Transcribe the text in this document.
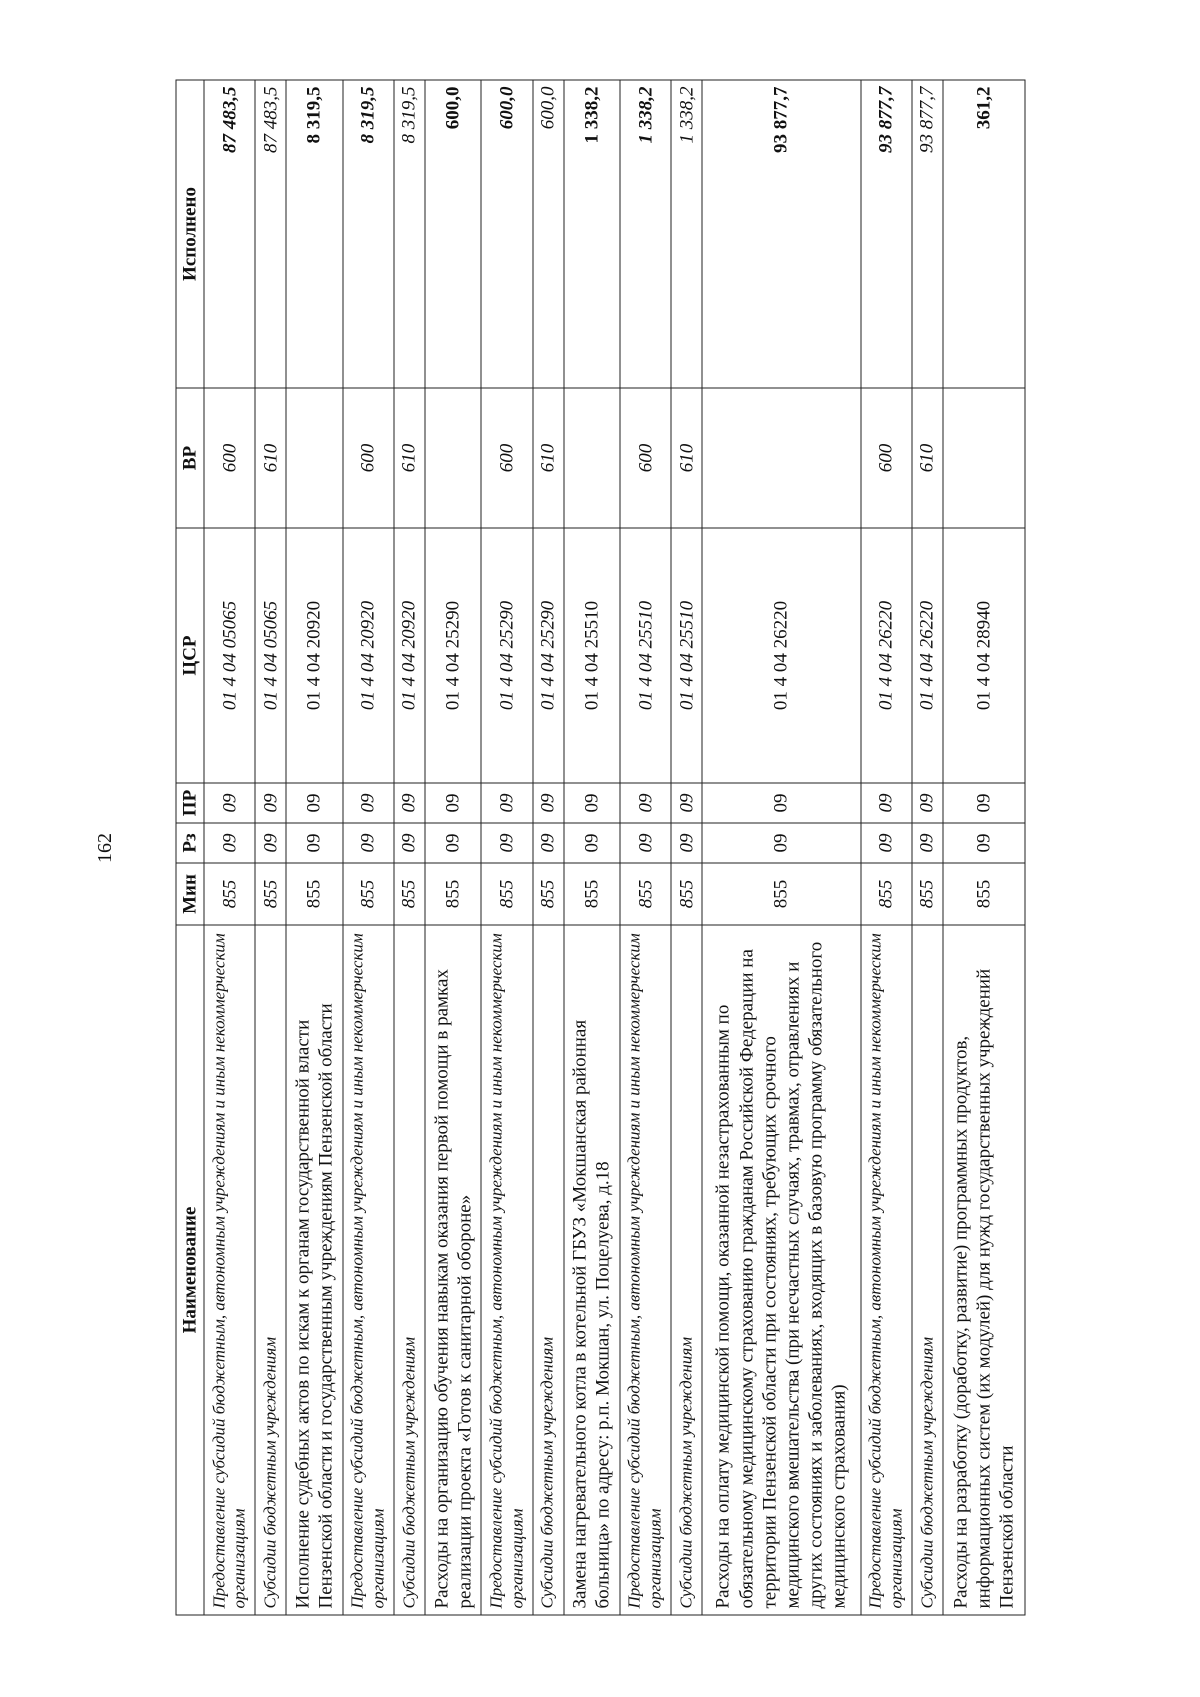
162
Наименование	Мин	Рз	ПР	ЦСР	ВР	Исполнено
Предоставление субсидий бюджетным, автономным учреждениям и иным некоммерческим организациям	855	09	09	01 4 04 05065	600	87 483,5
Субсидии бюджетным учреждениям	855	09	09	01 4 04 05065	610	87 483,5
Исполнение судебных актов по искам к органам государственной власти Пензенской области и государственным учреждениям Пензенской области	855	09	09	01 4 04 20920		8 319,5
Предоставление субсидий бюджетным, автономным учреждениям и иным некоммерческим организациям	855	09	09	01 4 04 20920	600	8 319,5
Субсидии бюджетным учреждениям	855	09	09	01 4 04 20920	610	8 319,5
Расходы на организацию обучения навыкам оказания первой помощи в рамках реализации проекта «Готов к санитарной обороне»	855	09	09	01 4 04 25290		600,0
Предоставление субсидий бюджетным, автономным учреждениям и иным некоммерческим организациям	855	09	09	01 4 04 25290	600	600,0
Субсидии бюджетным учреждениям	855	09	09	01 4 04 25290	610	600,0
Замена нагревательного котла в котельной ГБУЗ «Мокшанская районная больница» по адресу: р.п. Мокшан, ул. Поцелуева, д.18	855	09	09	01 4 04 25510		1 338,2
Предоставление субсидий бюджетным, автономным учреждениям и иным некоммерческим организациям	855	09	09	01 4 04 25510	600	1 338,2
Субсидии бюджетным учреждениям	855	09	09	01 4 04 25510	610	1 338,2
Расходы на оплату медицинской помощи, оказанной незастрахованным по обязательному медицинскому страхованию гражданам Российской Федерации на территории Пензенской области при состояниях, требующих срочного медицинского вмешательства (при несчастных случаях, травмах, отравлениях и других состояниях и заболеваниях, входящих в базовую программу обязательного медицинского страхования)	855	09	09	01 4 04 26220		93 877,7
Предоставление субсидий бюджетным, автономным учреждениям и иным некоммерческим организациям	855	09	09	01 4 04 26220	600	93 877,7
Субсидии бюджетным учреждениям	855	09	09	01 4 04 26220	610	93 877,7
Расходы на разработку (доработку, развитие) программных продуктов, информационных систем (их модулей) для нужд государственных учреждений Пензенской области	855	09	09	01 4 04 28940		361,2
